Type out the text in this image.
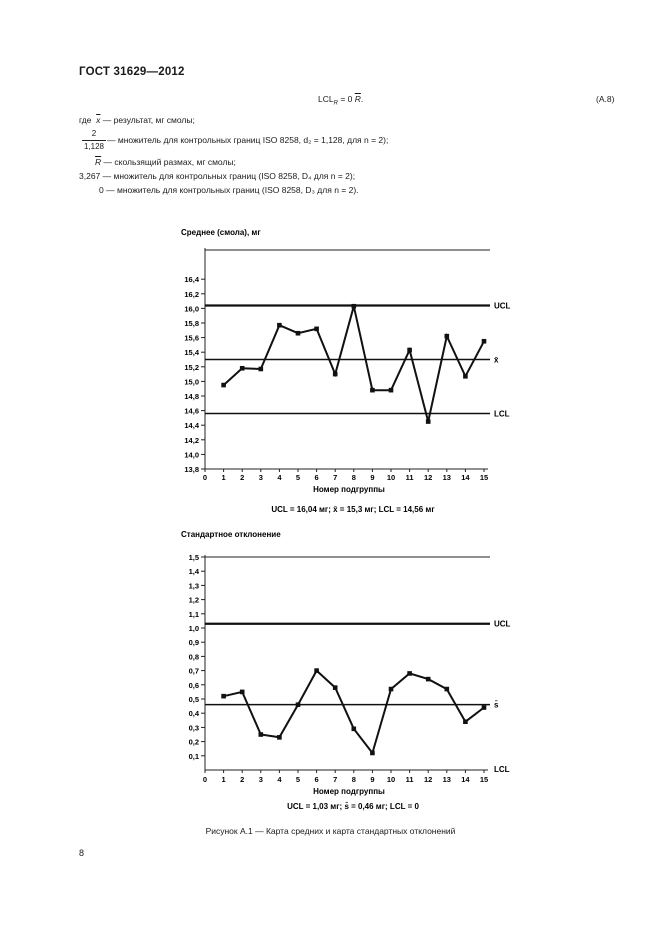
ГОСТ 31629—2012
$LCL_R = 0$ $\overline{R}$.	(А.8)
где $\overline{x}$ — результат, мг смолы;
2
1,128
— множитель для контрольных границ ISO 8258, d₂ = 1,128, для n = 2);
$\overline{R}$ — скользящий размах, мг смолы;
3,267 — множитель для контрольных границ (ISO 8258, D₄ для n = 2);
0 — множитель для контрольных границ (ISO 8258, D₃ для n = 2).
Среднее (смола), мг
13,8
14,0
14,2
14,4
14,6
14,8
15,0
15,2
15,4
15,6
15,8
16,0
16,2
16,4
0 1 2 3 4 5 6 7 8 9 10 11 12 13 14 15
Номер подгруппы
UCL
x̄
LCL
UCL = 16,04 мг; x̄ = 15,3 мг; LCL = 14,56 мг
Стандартное отклонение
0,1
0,2
0,3
0,4
0,5
0,6
0,7
0,8
0,9
1,0
1,1
1,2
1,3
1,4
1,5
0 1 2 3 4 5 6 7 8 9 10 11 12 13 14 15
Номер подгруппы
UCL
s̄
LCL
UCL = 1,03 мг; s̄ = 0,46 мг; LCL = 0
Рисунок А.1 — Карта средних и карта стандартных отклонений
8
